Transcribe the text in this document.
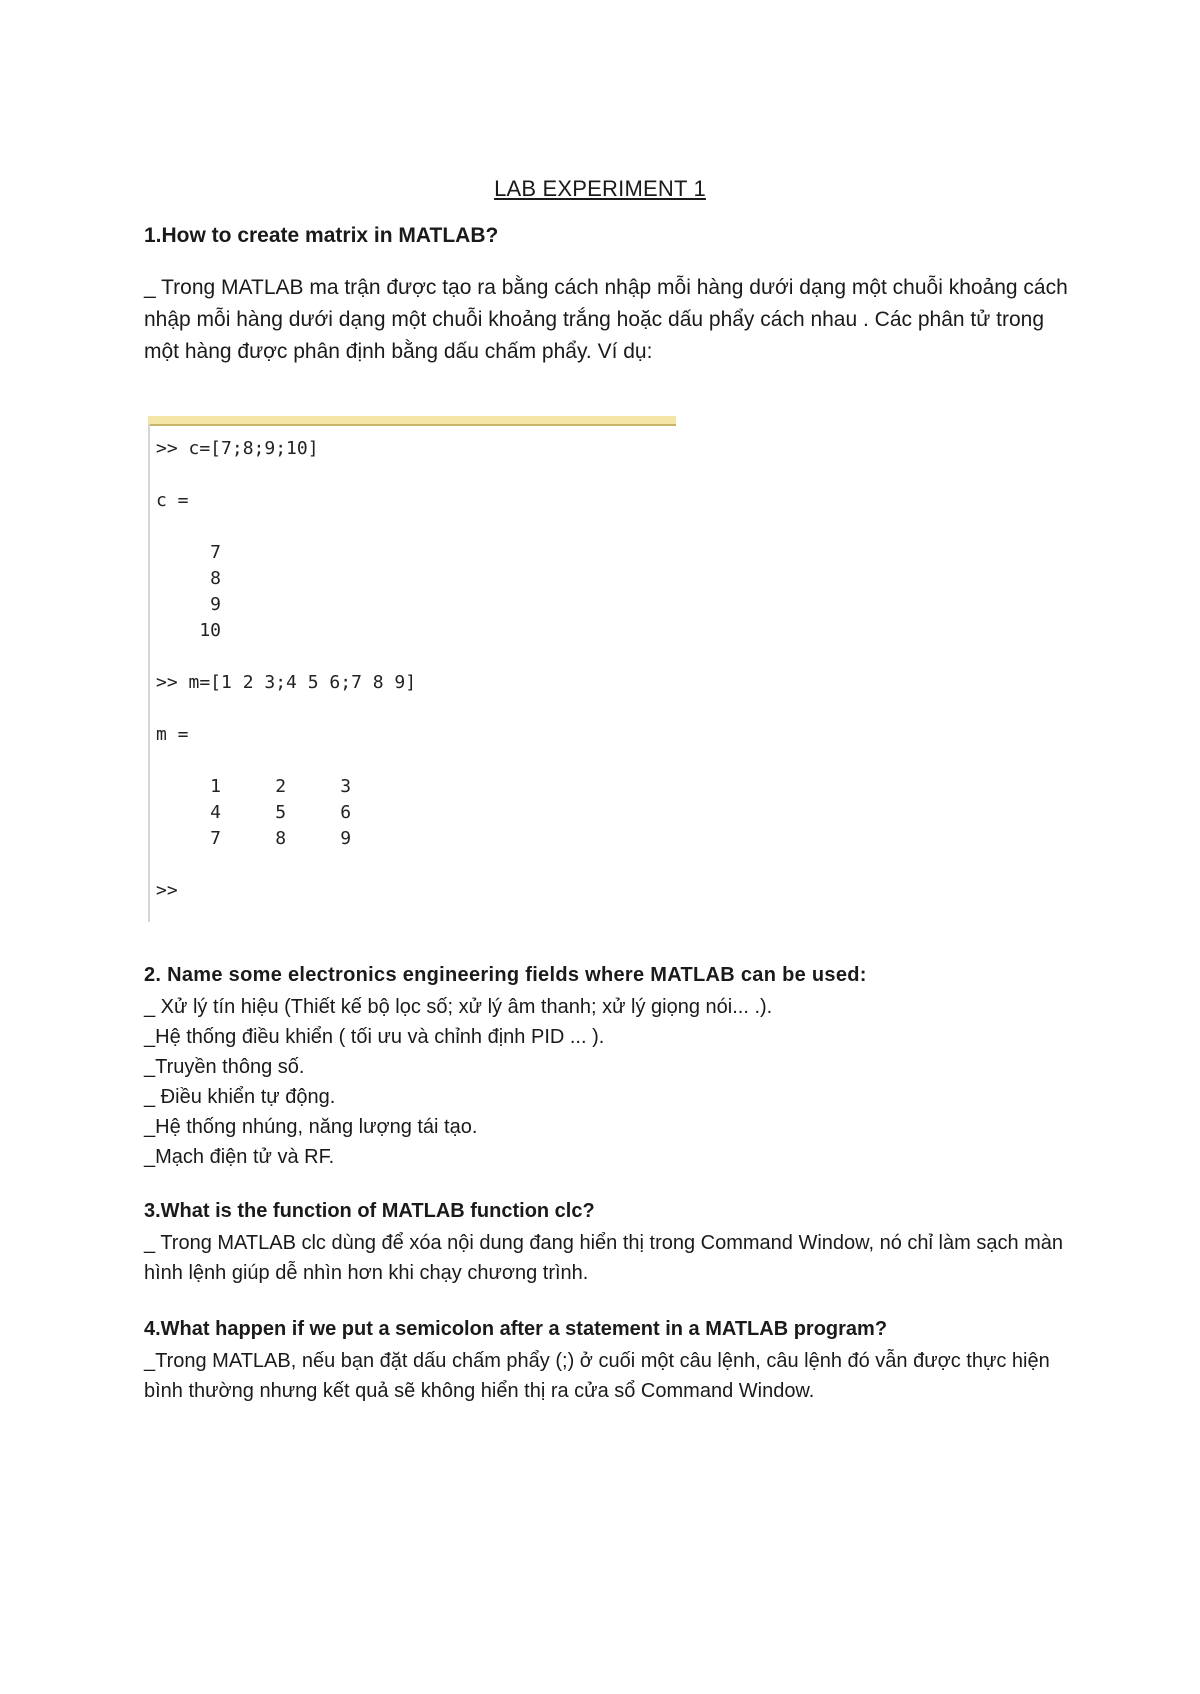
LAB EXPERIMENT 1
1.How to create matrix in MATLAB?
_ Trong MATLAB ma trận được tạo ra bằng cách nhập mỗi hàng dưới dạng một chuỗi khoảng cách nhập mỗi hàng dưới dạng một chuỗi khoảng trắng hoặc dấu phẩy cách nhau . Các phân tử trong một hàng được phân định bằng dấu chấm phẩy. Ví dụ:
>> c=[7;8;9;10]

c =

7
8
9
10

>> m=[1 2 3;4 5 6;7 8 9]

m =

1     2     3
4     5     6
7     8     9

>>
2. Name some electronics engineering fields where MATLAB can be used:
_ Xử lý tín hiệu (Thiết kế bộ lọc số; xử lý âm thanh; xử lý giọng nói... .).
_Hệ thống điều khiển ( tối ưu và chỉnh định PID ... ).
_Truyền thông số.
_ Điều khiển tự động.
_Hệ thống nhúng, năng lượng tái tạo.
_Mạch điện tử và RF.
3.What is the function of MATLAB function clc?
_ Trong MATLAB clc dùng để xóa nội dung đang hiển thị trong Command Window, nó chỉ làm sạch màn hình lệnh giúp dễ nhìn hơn khi chạy chương trình.
4.What happen if we put a semicolon after a statement in a MATLAB program?
_Trong MATLAB, nếu bạn đặt dấu chấm phẩy (;) ở cuối một câu lệnh, câu lệnh đó vẫn được thực hiện bình thường nhưng kết quả sẽ không hiển thị ra cửa sổ Command Window.
